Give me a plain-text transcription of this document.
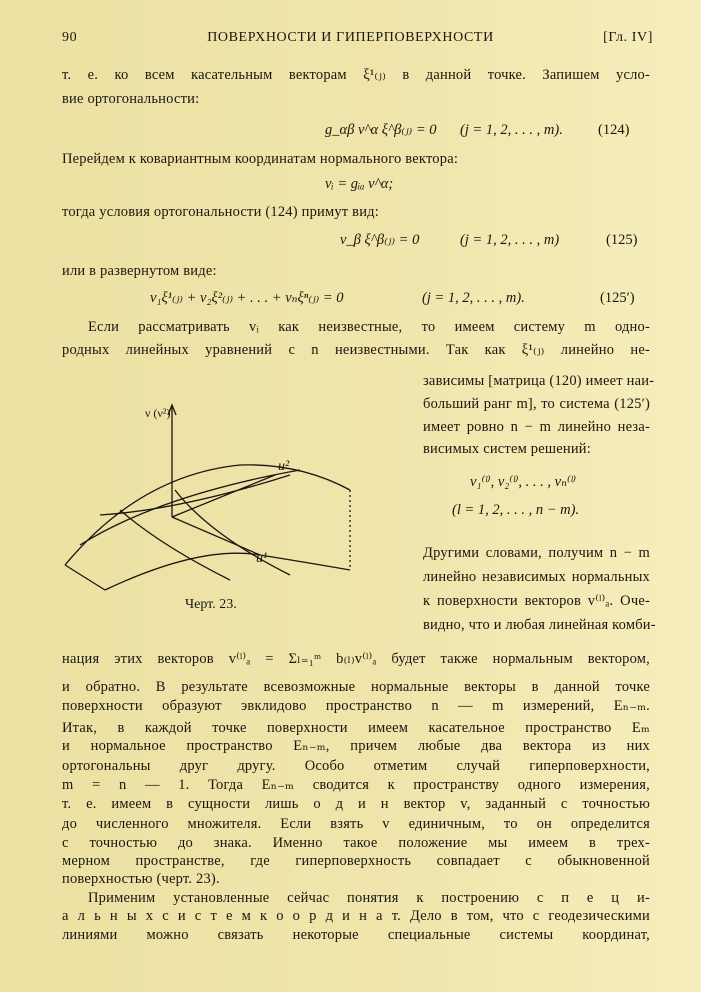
90	ПОВЕРХНОСТИ И ГИПЕРПОВЕРХНОСТИ	[Гл. IV]
т. е. ко всем касательным векторам ξ¹₍ⱼ₎ в данной точке. Запишем усло-
вие ортогональности:
g_αβ v^α ξ^β₍ⱼ₎ = 0 (j = 1, 2, . . . , m). (124)
Перейдем к ковариантным координатам нормального вектора:
vᵢ = gᵢₐ v^α;
тогда условия ортогональности (124) примут вид:
v_β ξ^β₍ⱼ₎ = 0	(j = 1, 2, . . . , m)	(125)
или в развернутом виде:
v₁ξ¹₍ⱼ₎ + v₂ξ²₍ⱼ₎ + . . . + vₙξⁿ₍ⱼ₎ = 0	(j = 1, 2, . . . , m).	(125′)
Если рассматривать vᵢ как неизвестные, то имеем систему m одно-
родных линейных уравнений с n неизвестными. Так как ξ¹₍ⱼ₎ линейно не-
зависимы [матрица (120) имеет наи-
больший ранг m], то система (125′)
имеет ровно n − m линейно неза-
висимых систем решений:
v₁⁽ˡ⁾, v₂⁽ˡ⁾, . . . , vₙ⁽ˡ⁾
(l = 1, 2, . . . , n − m).
Другими словами, получим n − m
линейно независимых нормальных
к поверхности векторов v⁽ˡ⁾ₐ. Оче-
видно, что и любая линейная комби-
ν (ν²)
u²
u¹
Черт. 23.
нация этих векторов v⁽ˡ⁾ₐ = Σₗ₌₁ᵐ b₍ₗ₎v⁽ˡ⁾ₐ будет также нормальным вектором,
и обратно. В результате всевозможные нормальные векторы в данной точке
поверхности образуют эвклидово пространство n — m измерений, Eₙ₋ₘ.
Итак, в каждой точке поверхности имеем касательное пространство Eₘ
и нормальное пространство Eₙ₋ₘ, причем любые два вектора из них
ортогональны друг другу. Особо отметим случай гиперповерхности,
m = n — 1. Тогда Eₙ₋ₘ сводится к пространству одного измерения,
т. е. имеем в сущности лишь о д и н вектор v, заданный с точностью
до численного множителя. Если взять v единичным, то он определится
с точностью до знака. Именно такое положение мы имеем в трех-
мерном пространстве, где гиперповерхность совпадает с обыкновенной
поверхностью (черт. 23).
Применим установленные сейчас понятия к построению с п е ц и-
а л ь н ы х с и с т е м к о о р д и н а т. Дело в том, что с геодезическими
линиями можно связать некоторые специальные системы координат,
